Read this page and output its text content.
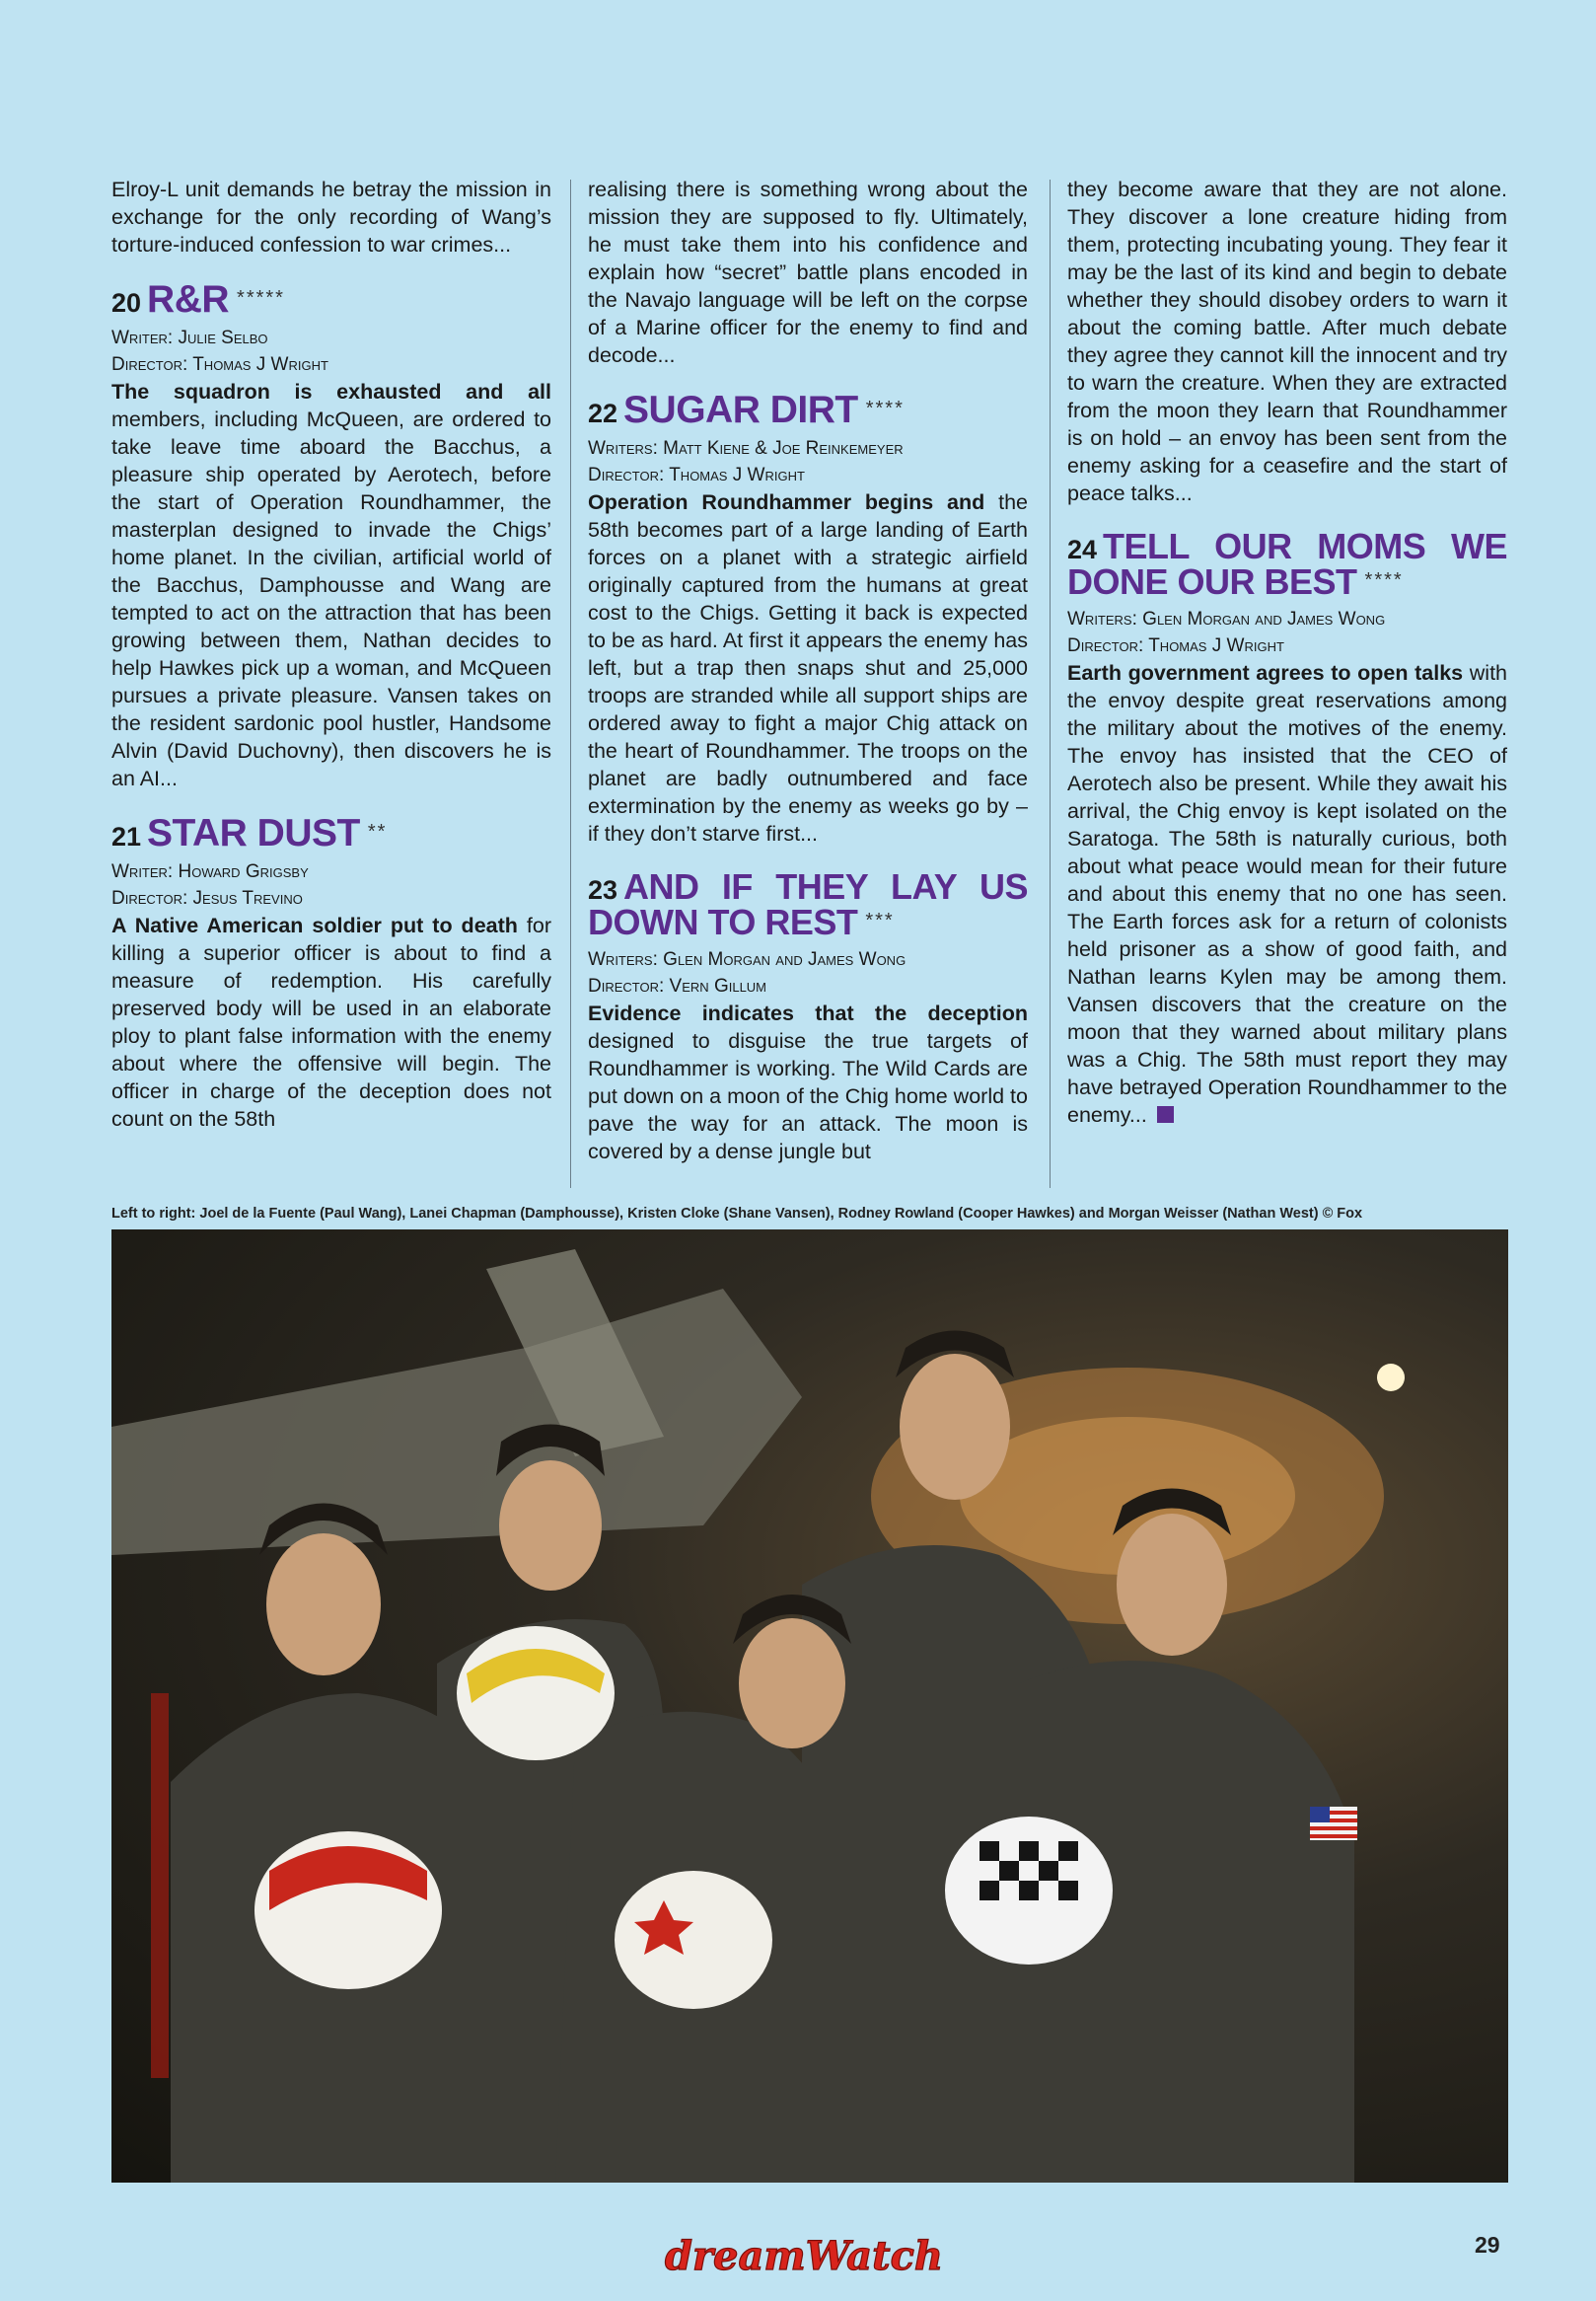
Elroy-L unit demands he betray the mission in exchange for the only recording of Wang’s torture-induced confession to war crimes...

20 R&R *****
Writer: Julie Selbo
Director: Thomas J Wright

The squadron is exhausted and all members, including McQueen, are ordered to take leave time aboard the Bacchus, a pleasure ship operated by Aerotech, before the start of Operation Roundhammer, the masterplan designed to invade the Chigs’ home planet. In the civilian, artificial world of the Bacchus, Damphousse and Wang are tempted to act on the attraction that has been growing between them, Nathan decides to help Hawkes pick up a woman, and McQueen pursues a private pleasure. Vansen takes on the resident sardonic pool hustler, Handsome Alvin (David Duchovny), then discovers he is an AI...

21 STAR DUST **
Writer: Howard Grigsby
Director: Jesus Trevino

A Native American soldier put to death for killing a superior officer is about to find a measure of redemption. His carefully preserved body will be used in an elaborate ploy to plant false information with the enemy about where the offensive will begin. The officer in charge of the deception does not count on the 58th

realising there is something wrong about the mission they are supposed to fly. Ultimately, he must take them into his confidence and explain how “secret” battle plans encoded in the Navajo language will be left on the corpse of a Marine officer for the enemy to find and decode...

22 SUGAR DIRT ****
Writers: Matt Kiene & Joe Reinkemeyer
Director: Thomas J Wright

Operation Roundhammer begins and the 58th becomes part of a large landing of Earth forces on a planet with a strategic airfield originally captured from the humans at great cost to the Chigs. Getting it back is expected to be as hard. At first it appears the enemy has left, but a trap then snaps shut and 25,000 troops are stranded while all support ships are ordered away to fight a major Chig attack on the heart of Roundhammer. The troops on the planet are badly outnumbered and face extermination by the enemy as weeks go by – if they don’t starve first...

23 AND IF THEY LAY US DOWN TO REST ***
Writers: Glen Morgan and James Wong
Director: Vern Gillum

Evidence indicates that the deception designed to disguise the true targets of Roundhammer is working. The Wild Cards are put down on a moon of the Chig home world to pave the way for an attack. The moon is covered by a dense jungle but

they become aware that they are not alone. They discover a lone creature hiding from them, protecting incubating young. They fear it may be the last of its kind and begin to debate whether they should disobey orders to warn it about the coming battle. After much debate they agree they cannot kill the innocent and try to warn the creature. When they are extracted from the moon they learn that Roundhammer is on hold – an envoy has been sent from the enemy asking for a ceasefire and the start of peace talks...

24 TELL OUR MOMS WE DONE OUR BEST ****
Writers: Glen Morgan and James Wong
Director: Thomas J Wright

Earth government agrees to open talks with the envoy despite great reservations among the military about the motives of the enemy. The envoy has insisted that the CEO of Aerotech also be present. While they await his arrival, the Chig envoy is kept isolated on the Saratoga. The 58th is naturally curious, both about what peace would mean for their future and about this enemy that no one has seen. The Earth forces ask for a return of colonists held prisoner as a show of good faith, and Nathan learns Kylen may be among them. Vansen discovers that the creature on the moon that they warned about military plans was a Chig. The 58th must report they may have betrayed Operation Roundhammer to the enemy...

Left to right: Joel de la Fuente (Paul Wang), Lanei Chapman (Damphousse), Kristen Cloke (Shane Vansen), Rodney Rowland (Cooper Hawkes) and Morgan Weisser (Nathan West) © Fox
dreamWatch	29
